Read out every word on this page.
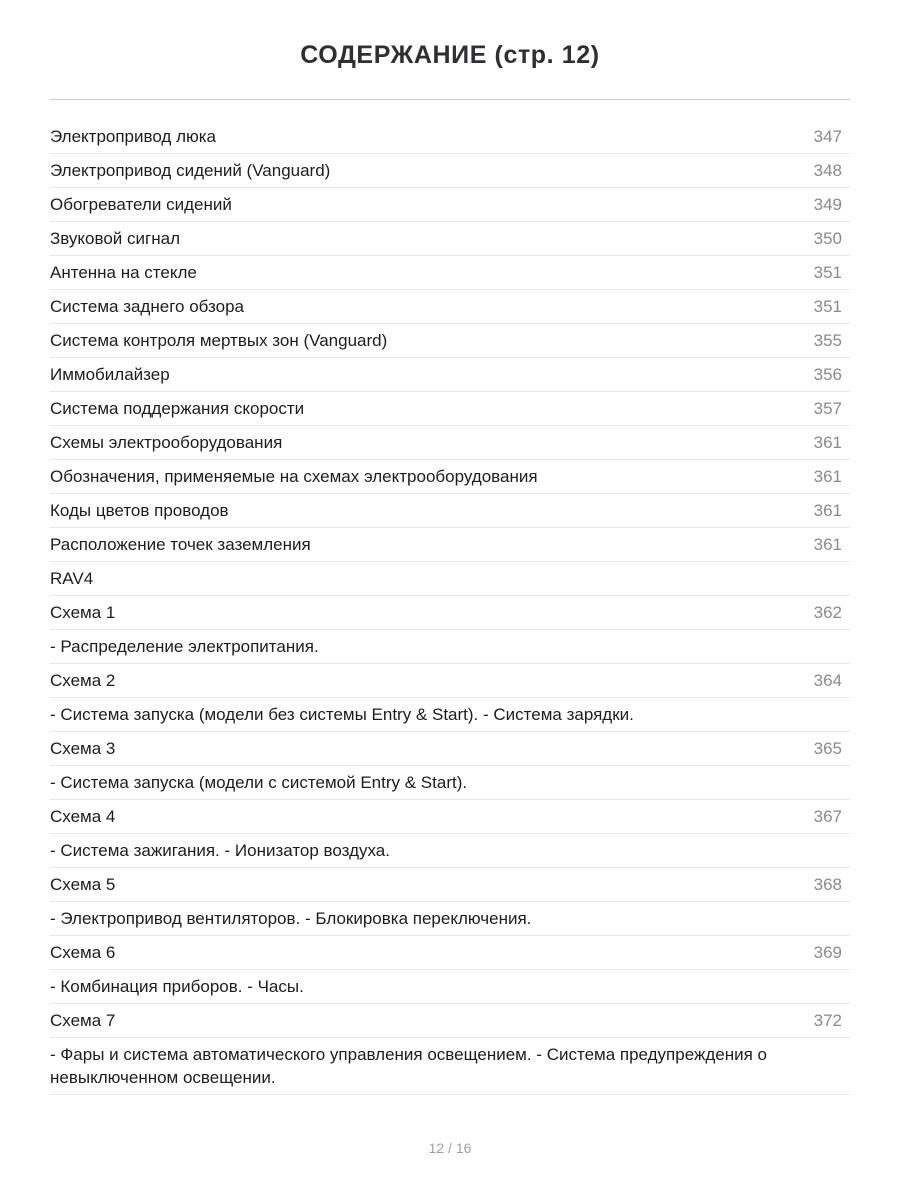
СОДЕРЖАНИЕ (стр. 12)
Электропривод люка	347
Электропривод сидений (Vanguard)	348
Обогреватели сидений	349
Звуковой сигнал	350
Антенна на стекле	351
Система заднего обзора	351
Система контроля мертвых зон (Vanguard)	355
Иммобилайзер	356
Система поддержания скорости	357
Схемы электрооборудования	361
Обозначения, применяемые на схемах электрооборудования	361
Коды цветов проводов	361
Расположение точек заземления	361
RAV4
Схема 1	362
- Распределение электропитания.
Схема 2	364
- Система запуска (модели без системы Entry & Start). - Система зарядки.
Схема 3	365
- Система запуска (модели с системой Entry & Start).
Схема 4	367
- Система зажигания. - Ионизатор воздуха.
Схема 5	368
- Электропривод вентиляторов. - Блокировка переключения.
Схема 6	369
- Комбинация приборов. - Часы.
Схема 7	372
- Фары и система автоматического управления освещением. - Система предупреждения о невыключенном освещении.
12 / 16
